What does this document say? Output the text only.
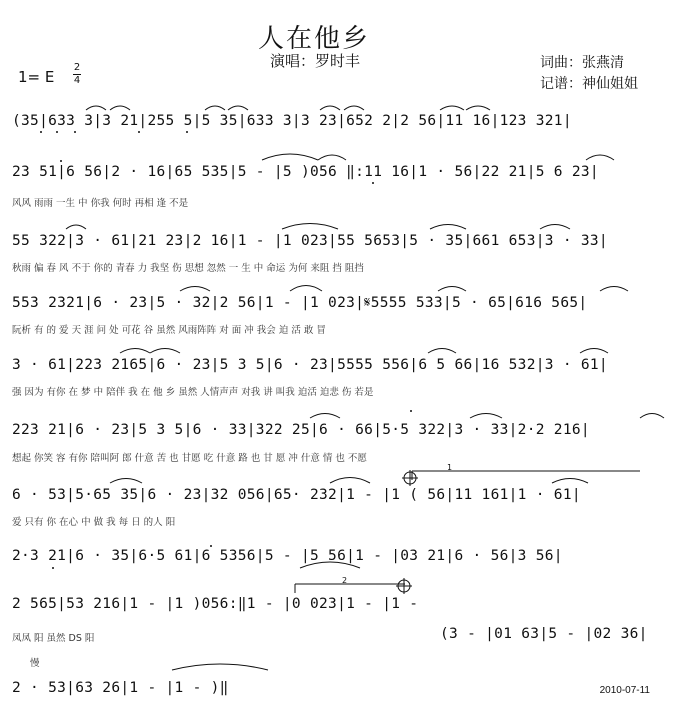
人在他乡
演唱：罗时丰	词曲：张燕清
记谱：神仙姐姐
1= E
2
4
(35|633 3|3 21|255 5|5 35|633 3|3 23|652 2|2 56|11 16|123 321|
23 51|6 56|2 · 16|65 535|5 - |5 )056 ‖:11 16|1 · 56|22 21|5 6 23|
风风 雨雨 一生 中 你我 何时 再相 逢 不是
55 322|3 · 61|21 23|2 16|1 - |1 023|55 5653|5 · 35|661 653|3 · 33|
秋雨 偏 春 风 不于 你的 青春 力 我坚 伤 思想 忽然 一 生 中 命运 为何 来阻 挡 阻挡
553 2321|6 · 23|5 · 32|2 56|1 - |1 023|𝄋5555 533|5 · 65|616 565|
阮析 有 的 爱 天 涯 问 处 可花 谷 虽然 风雨阵阵 对 面 冲 我会 迫 活 敢 冒
3 · 61|223 2165|6 · 23|5 3 5|6 · 23|5555 556|6 5 66|16 532|3 · 61|
强 因为 有你 在 梦 中 陪伴 我 在 他 乡 虽然 人情声声 对我 讲 叫我 迫活 迫悲 伤 若是
223 21|6 · 23|5 3 5|6 · 33|322 25|6 · 66|5·5 322|3 · 33|2·2 216|
想起 你笑 容 有你 陪叫阿 郎 什意 苦 也 甘愿 吃 什意 路 也 甘 愿 冲 什意 情 也 不愿
6 · 53|5·65 35|6 · 23|32 056|65· 232|1 - |1 ( 56|11 161|1 · 61|
爱 只有 你 在心 中 做 我 每 日 的人 阳
2·3 21|6 · 35|6·5 61|6 5356|5 - |5 56|1 - |03 21|6 · 56|3 56|
2 565|53 216|1 - |1 )056:‖1 - |0 023|1 - |1 -
(3 - |01 63|5 - |02 36|
凤凤 阳 虽然 DS 阳
慢
2 · 53|63 26|1 - |1 - )‖	2010-07-11
1
2
